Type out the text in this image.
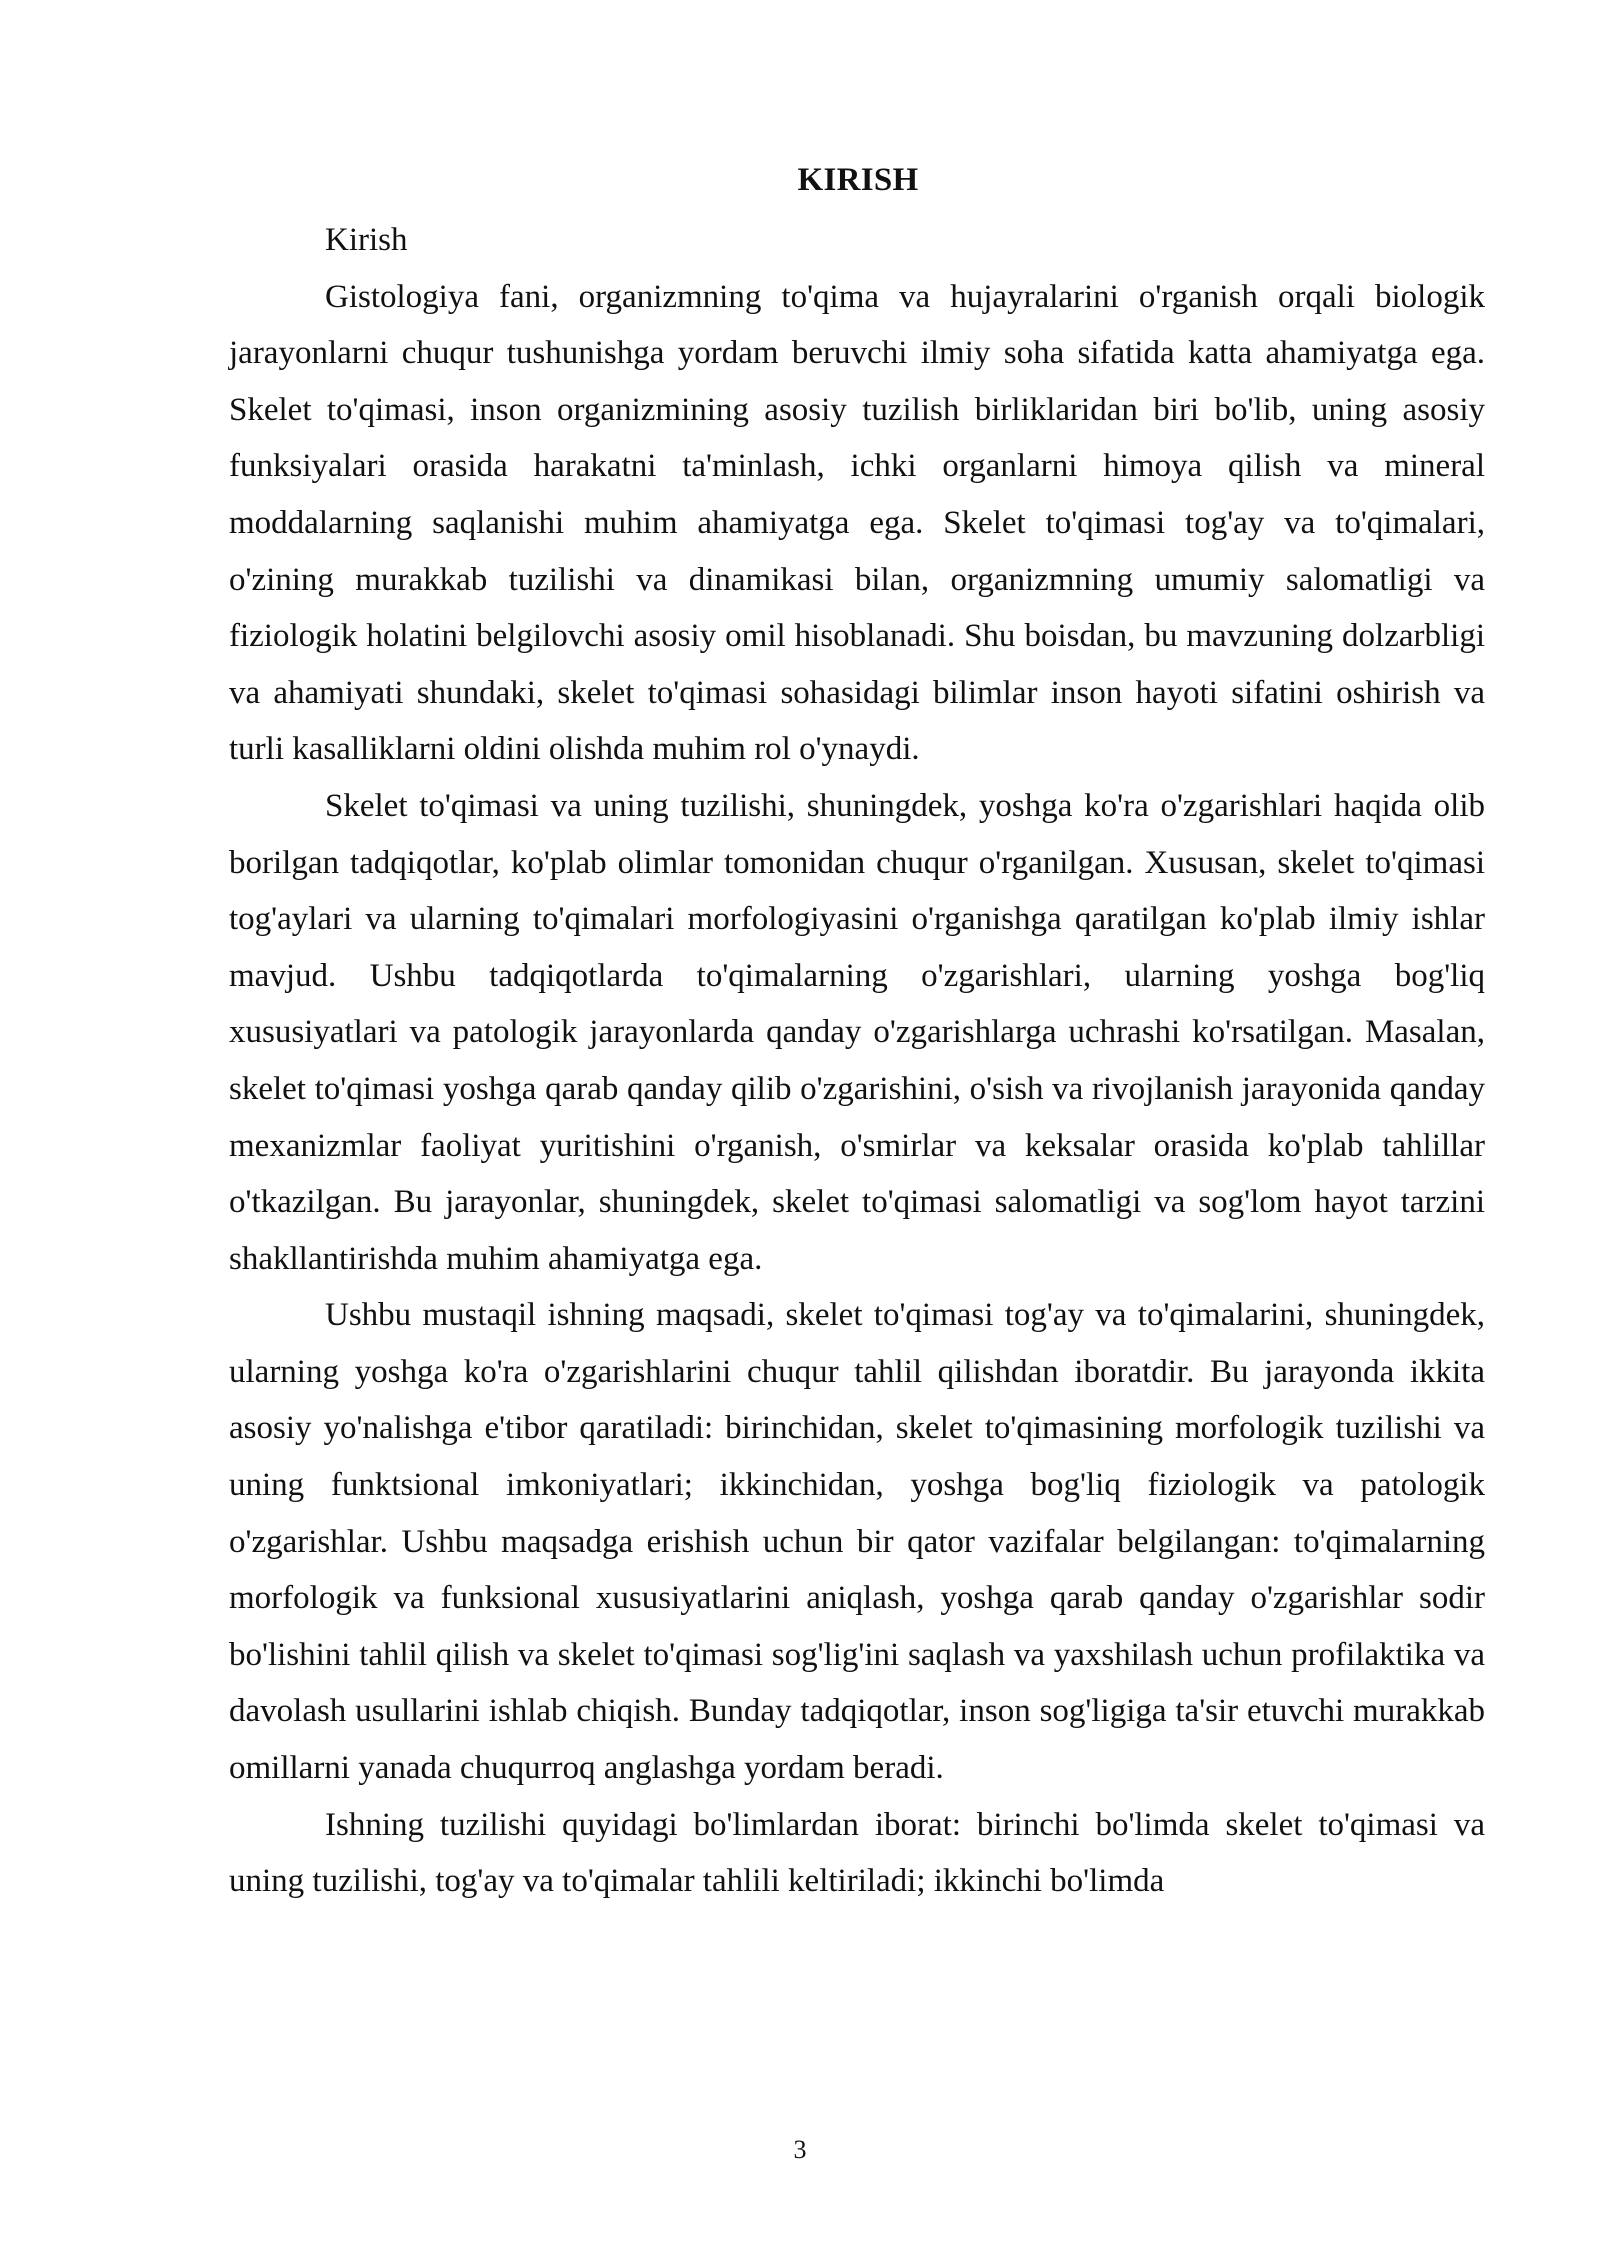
KIRISH

Kirish

Gistologiya fani, organizmning to'qima va hujayralarini o'rganish orqali biologik jarayonlarni chuqur tushunishga yordam beruvchi ilmiy soha sifatida katta ahamiyatga ega. Skelet to'qimasi, inson organizmining asosiy tuzilish birliklaridan biri bo'lib, uning asosiy funksiyalari orasida harakatni ta'minlash, ichki organlarni himoya qilish va mineral moddalarning saqlanishi muhim ahamiyatga ega. Skelet to'qimasi tog'ay va to'qimalari, o'zining murakkab tuzilishi va dinamikasi bilan, organizmning umumiy salomatligi va fiziologik holatini belgilovchi asosiy omil hisoblanadi. Shu boisdan, bu mavzuning dolzarbligi va ahamiyati shundaki, skelet to'qimasi sohasidagi bilimlar inson hayoti sifatini oshirish va turli kasalliklarni oldini olishda muhim rol o'ynaydi.

Skelet to'qimasi va uning tuzilishi, shuningdek, yoshga ko'ra o'zgarishlari haqida olib borilgan tadqiqotlar, ko'plab olimlar tomonidan chuqur o'rganilgan. Xususan, skelet to'qimasi tog'aylari va ularning to'qimalari morfologiyasini o'rganishga qaratilgan ko'plab ilmiy ishlar mavjud. Ushbu tadqiqotlarda to'qimalarning o'zgarishlari, ularning yoshga bog'liq xususiyatlari va patologik jarayonlarda qanday o'zgarishlarga uchrashi ko'rsatilgan. Masalan, skelet to'qimasi yoshga qarab qanday qilib o'zgarishini, o'sish va rivojlanish jarayonida qanday mexanizmlar faoliyat yuritishini o'rganish, o'smirlar va keksalar orasida ko'plab tahlillar o'tkazilgan. Bu jarayonlar, shuningdek, skelet to'qimasi salomatligi va sog'lom hayot tarzini shakllantirishda muhim ahamiyatga ega.

Ushbu mustaqil ishning maqsadi, skelet to'qimasi tog'ay va to'qimalarini, shuningdek, ularning yoshga ko'ra o'zgarishlarini chuqur tahlil qilishdan iboratdir. Bu jarayonda ikkita asosiy yo'nalishga e'tibor qaratiladi: birinchidan, skelet to'qimasining morfologik tuzilishi va uning funktsional imkoniyatlari; ikkinchidan, yoshga bog'liq fiziologik va patologik o'zgarishlar. Ushbu maqsadga erishish uchun bir qator vazifalar belgilangan: to'qimalarning morfologik va funksional xususiyatlarini aniqlash, yoshga qarab qanday o'zgarishlar sodir bo'lishini tahlil qilish va skelet to'qimasi sog'lig'ini saqlash va yaxshilash uchun profilaktika va davolash usullarini ishlab chiqish. Bunday tadqiqotlar, inson sog'ligiga ta'sir etuvchi murakkab omillarni yanada chuqurroq anglashga yordam beradi.

Ishning tuzilishi quyidagi bo'limlardan iborat: birinchi bo'limda skelet to'qimasi va uning tuzilishi, tog'ay va to'qimalar tahlili keltiriladi; ikkinchi bo'limda

3
